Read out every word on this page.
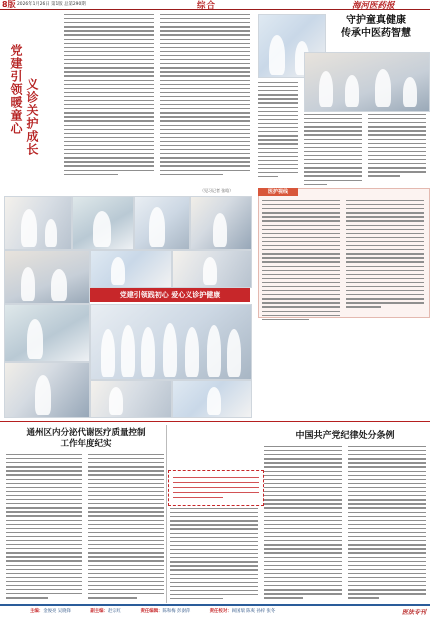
8版 2026年1月26日 第1版 总第290期	综合	海河医药报
党建引领暖童心 义诊关护成长
守护童真健康
传承中医药智慧
医护视线
党建引领践初心 爱心义诊护健康
（见习记者 张晗）
通州区内分泌代谢医疗质量控制
工作年度纪实
中国共产党纪律处分条例
主编：金俊亮 吴晓锋	副主编：赵宗红	责任编辑：陈和梅 彭澍萍	责任校对：阎国瑞 陈爽 孙梓 张冬	医法专刊
